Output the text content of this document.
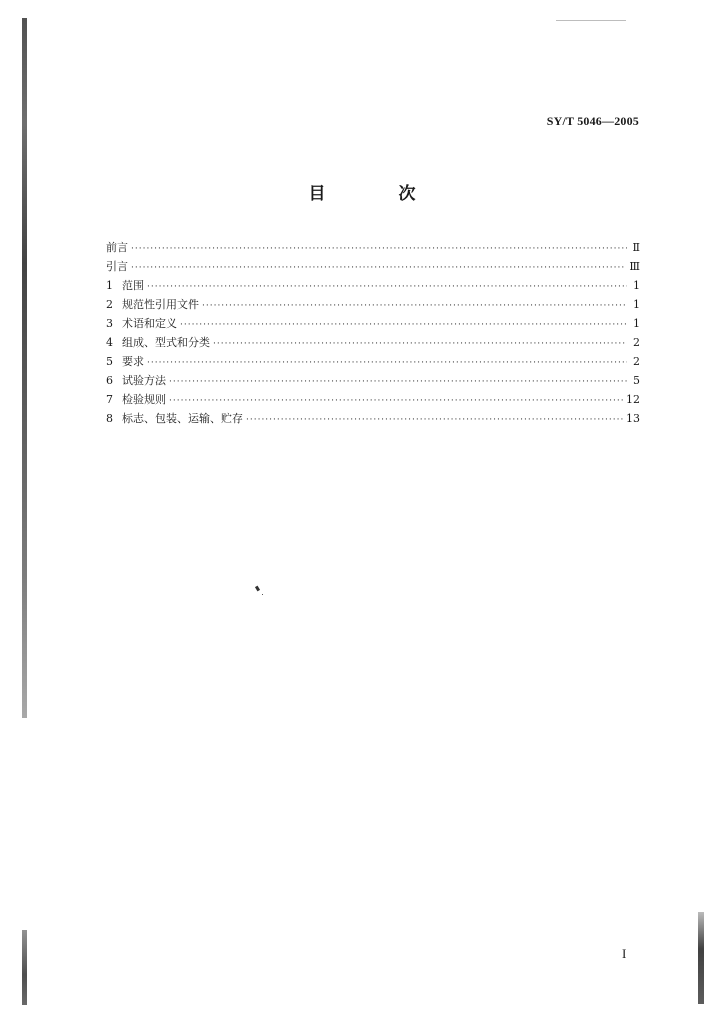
SY/T 5046—2005
目　次
前言 ·····	Ⅱ
引言 ·····	Ⅲ
1 范围 ·····	1
2 规范性引用文件 ·····	1
3 术语和定义 ·····	1
4 组成、型式和分类 ·····	2
5 要求 ·····	2
6 试验方法 ·····	5
7 检验规则 ·····	12
8 标志、包装、运输、贮存 ·····	13
I
